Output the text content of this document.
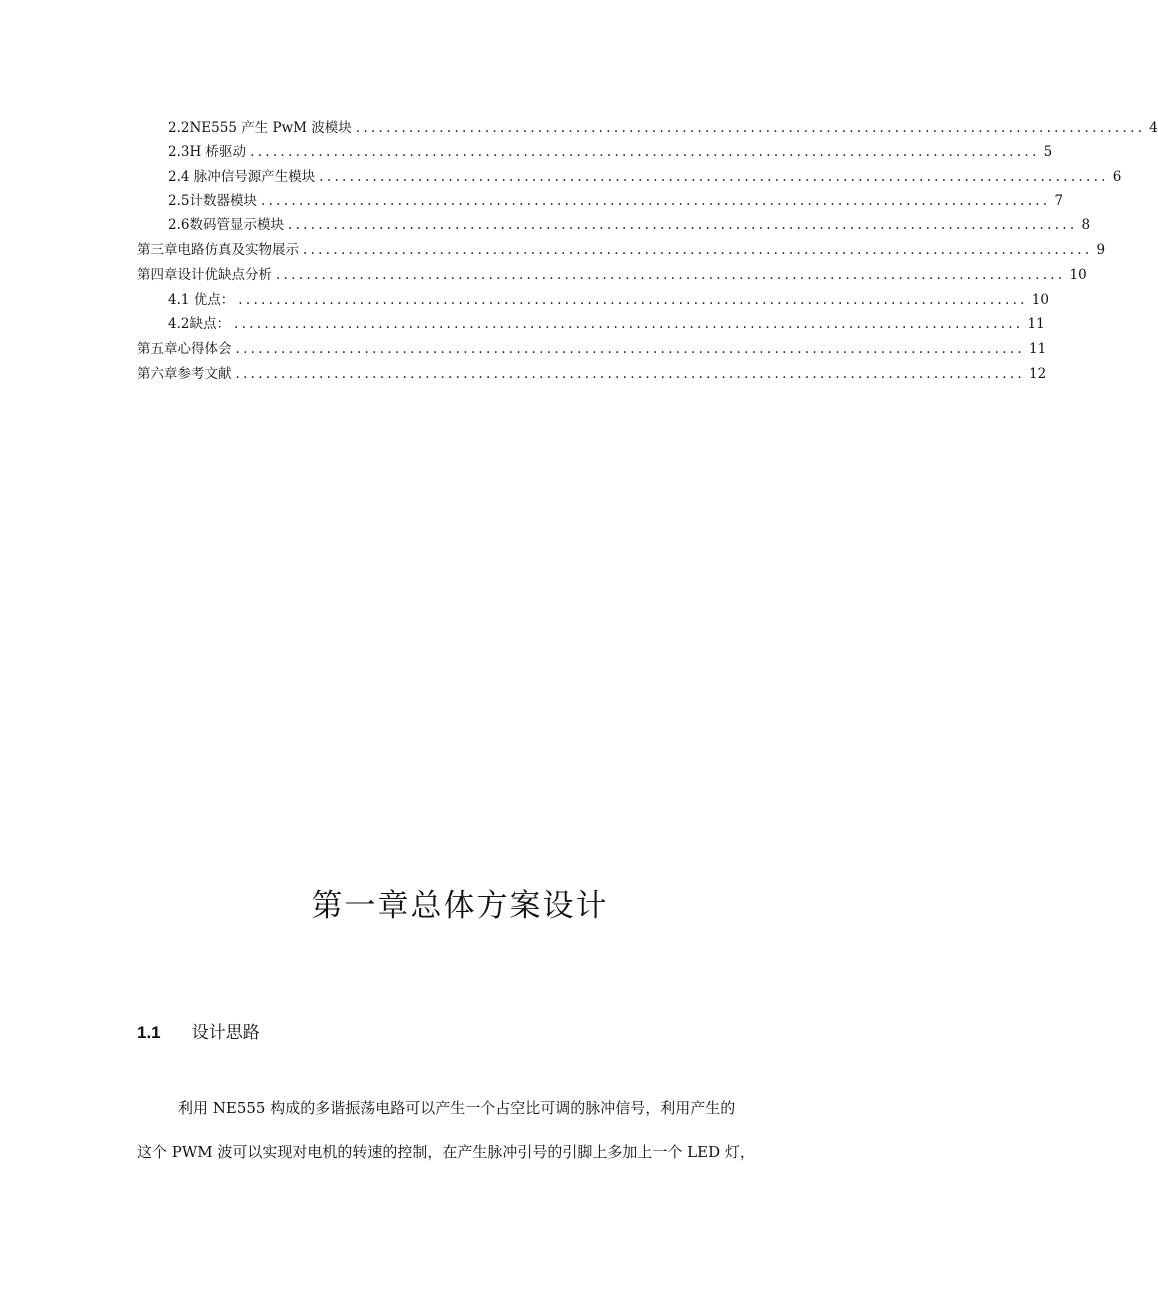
2.2 NE555 产生 PwM 波模块 ........................................................................................................ 4
2.3 H 桥驱动 ........................................................................................................ 5
2. 4 脉冲信号源产生模块 ........................................................................................................ 6
2.5 计数器模块 ........................................................................................................ 7
2.6 数码管显示模块 ........................................................................................................ 8
第三章电路仿真及实物展示 ........................................................................................................ 9
第四章设计优缺点分析 ........................................................................................................ 10
4. 1 优点： ........................................................................................................ 10
4.2 缺点： ........................................................................................................ 11
第五章心得体会 ........................................................................................................ 11
第六章参考文献 ........................................................................................................ 12
第一章总体方案设计
1.1 设计思路
利用 NE555 构成的多谐振荡电路可以产生一个占空比可调的脉冲信号，利用产生的
这个 PWM 波可以实现对电机的转速的控制，在产生脉冲引号的引脚上多加上一个 LED 灯，
